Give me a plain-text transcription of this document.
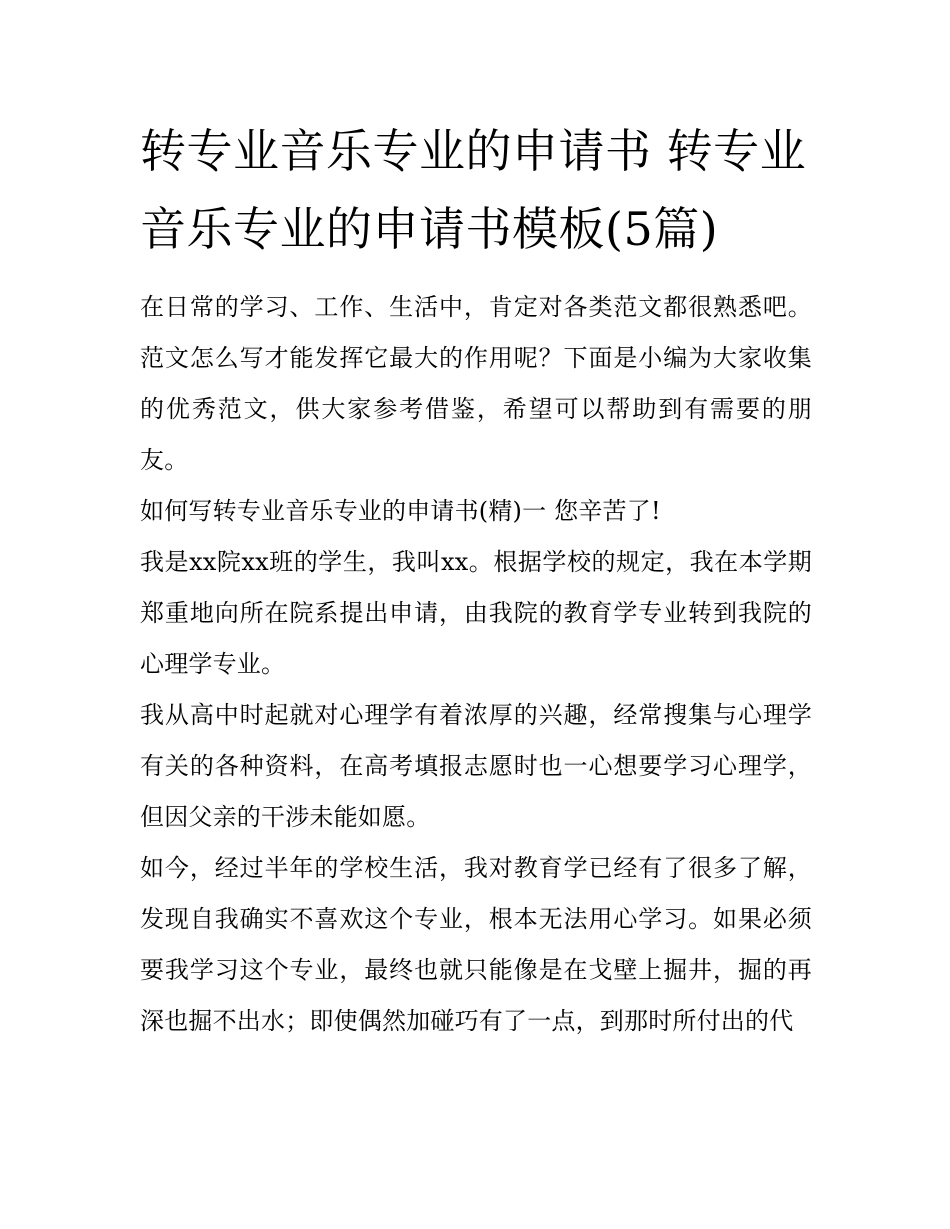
转专业音乐专业的申请书 转专业音乐专业的申请书模板(5篇)

在日常的学习、工作、生活中，肯定对各类范文都很熟悉吧。范文怎么写才能发挥它最大的作用呢？下面是小编为大家收集的优秀范文，供大家参考借鉴，希望可以帮助到有需要的朋友。

如何写转专业音乐专业的申请书(精)一 您辛苦了!

我是xx院xx班的学生，我叫xx。根据学校的规定，我在本学期郑重地向所在院系提出申请，由我院的教育学专业转到我院的心理学专业。

我从高中时起就对心理学有着浓厚的兴趣，经常搜集与心理学有关的各种资料，在高考填报志愿时也一心想要学习心理学，但因父亲的干涉未能如愿。

如今，经过半年的学校生活，我对教育学已经有了很多了解，发现自我确实不喜欢这个专业，根本无法用心学习。如果必须要我学习这个专业，最终也就只能像是在戈壁上掘井，掘的再深也掘不出水；即使偶然加碰巧有了一点，到那时所付出的代
